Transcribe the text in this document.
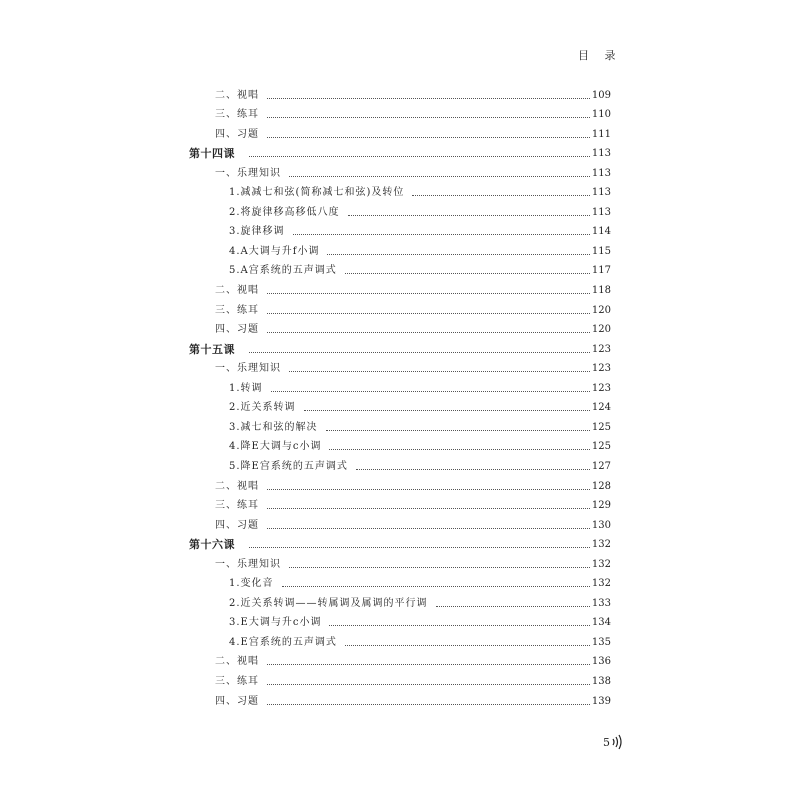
目 录
二、视唱	109
三、练耳	110
四、习题	111
第十四课	113
一、乐理知识	113
1.减减七和弦(简称减七和弦)及转位	113
2.将旋律移高移低八度	113
3.旋律移调	114
4.A大调与升f小调	115
5.A宫系统的五声调式	117
二、视唱	118
三、练耳	120
四、习题	120
第十五课	123
一、乐理知识	123
1.转调	123
2.近关系转调	124
3.减七和弦的解决	125
4.降E大调与c小调	125
5.降E宫系统的五声调式	127
二、视唱	128
三、练耳	129
四、习题	130
第十六课	132
一、乐理知识	132
1.变化音	132
2.近关系转调——转属调及属调的平行调	133
3.E大调与升c小调	134
4.E宫系统的五声调式	135
二、视唱	136
三、练耳	138
四、习题	139
5
